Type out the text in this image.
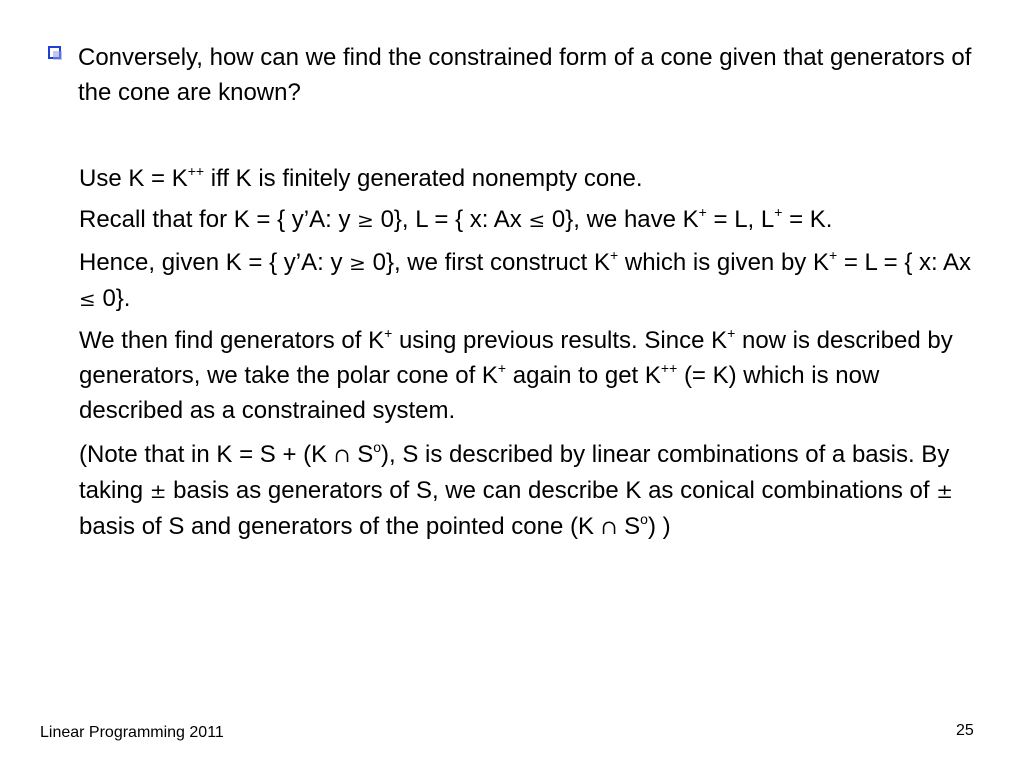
Conversely, how can we find the constrained form of a cone given that generators of the cone are known?
Use K = K++ iff K is finitely generated nonempty cone.
Recall that for K = { y’A: y ≥ 0}, L = { x: Ax ≤ 0}, we have K+ = L, L+ = K.
Hence, given K = { y’A: y ≥ 0}, we first construct K+ which is given by K+ = L = { x: Ax ≤ 0}.
We then find generators of K+ using previous results. Since K+ now is described by generators, we take the polar cone of K+ again to get K++ (= K) which is now described as a constrained system.
(Note that in K = S + (K ∩ $S^o$), S is described by linear combinations of a basis. By taking ± basis as generators of S, we can describe K as conical combinations of ± basis of S and generators of the pointed cone (K ∩ $S^o$) )
Linear Programming 2011	25
